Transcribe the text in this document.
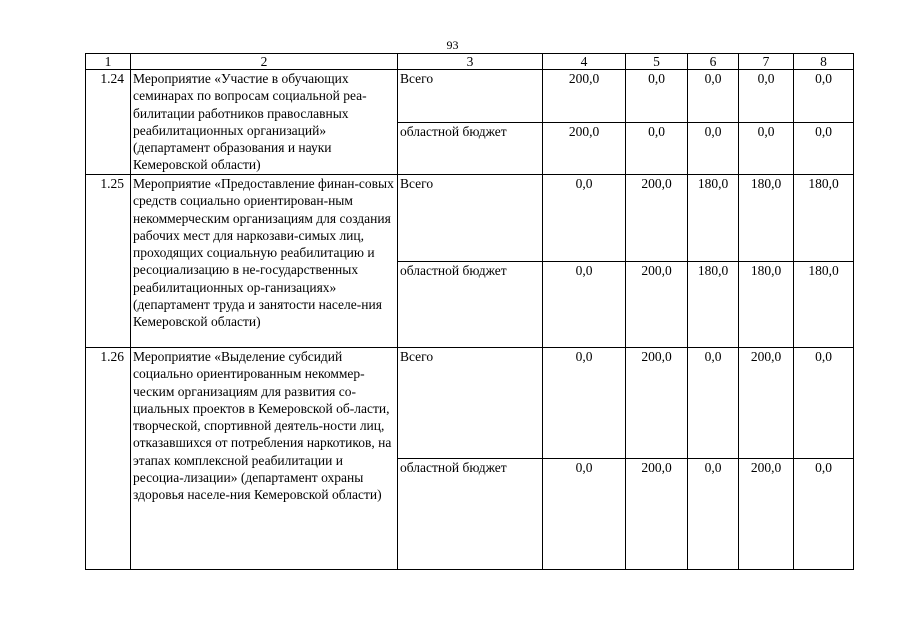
93
1	2	3	4	5	6	7	8
1.24	Мероприятие «Участие в обучающих семинарах по вопросам социальной реа-билитации работников православных реабилитационных организаций» (департамент образования и науки Кемеровской области)	Всего	200,0	0,0	0,0	0,0	0,0
		областной бюджет	200,0	0,0	0,0	0,0	0,0
1.25	Мероприятие «Предоставление финан-совых средств социально ориентирован-ным некоммерческим организациям для создания рабочих мест для наркозави-симых лиц, проходящих социальную реабилитацию и ресоциализацию в не-государственных реабилитационных ор-ганизациях» (департамент труда и занятости населе-ния Кемеровской области)	Всего	0,0	200,0	180,0	180,0	180,0
		областной бюджет	0,0	200,0	180,0	180,0	180,0
1.26	Мероприятие «Выделение субсидий социально ориентированным некоммер-ческим организациям для развития со-циальных проектов в Кемеровской об-ласти, творческой, спортивной деятель-ности лиц, отказавшихся от потребления наркотиков, на этапах комплексной реабилитации и ресоциа-лизации» (департамент охраны здоровья населе-ния Кемеровской области)	Всего	0,0	200,0	0,0	200,0	0,0
		областной бюджет	0,0	200,0	0,0	200,0	0,0
